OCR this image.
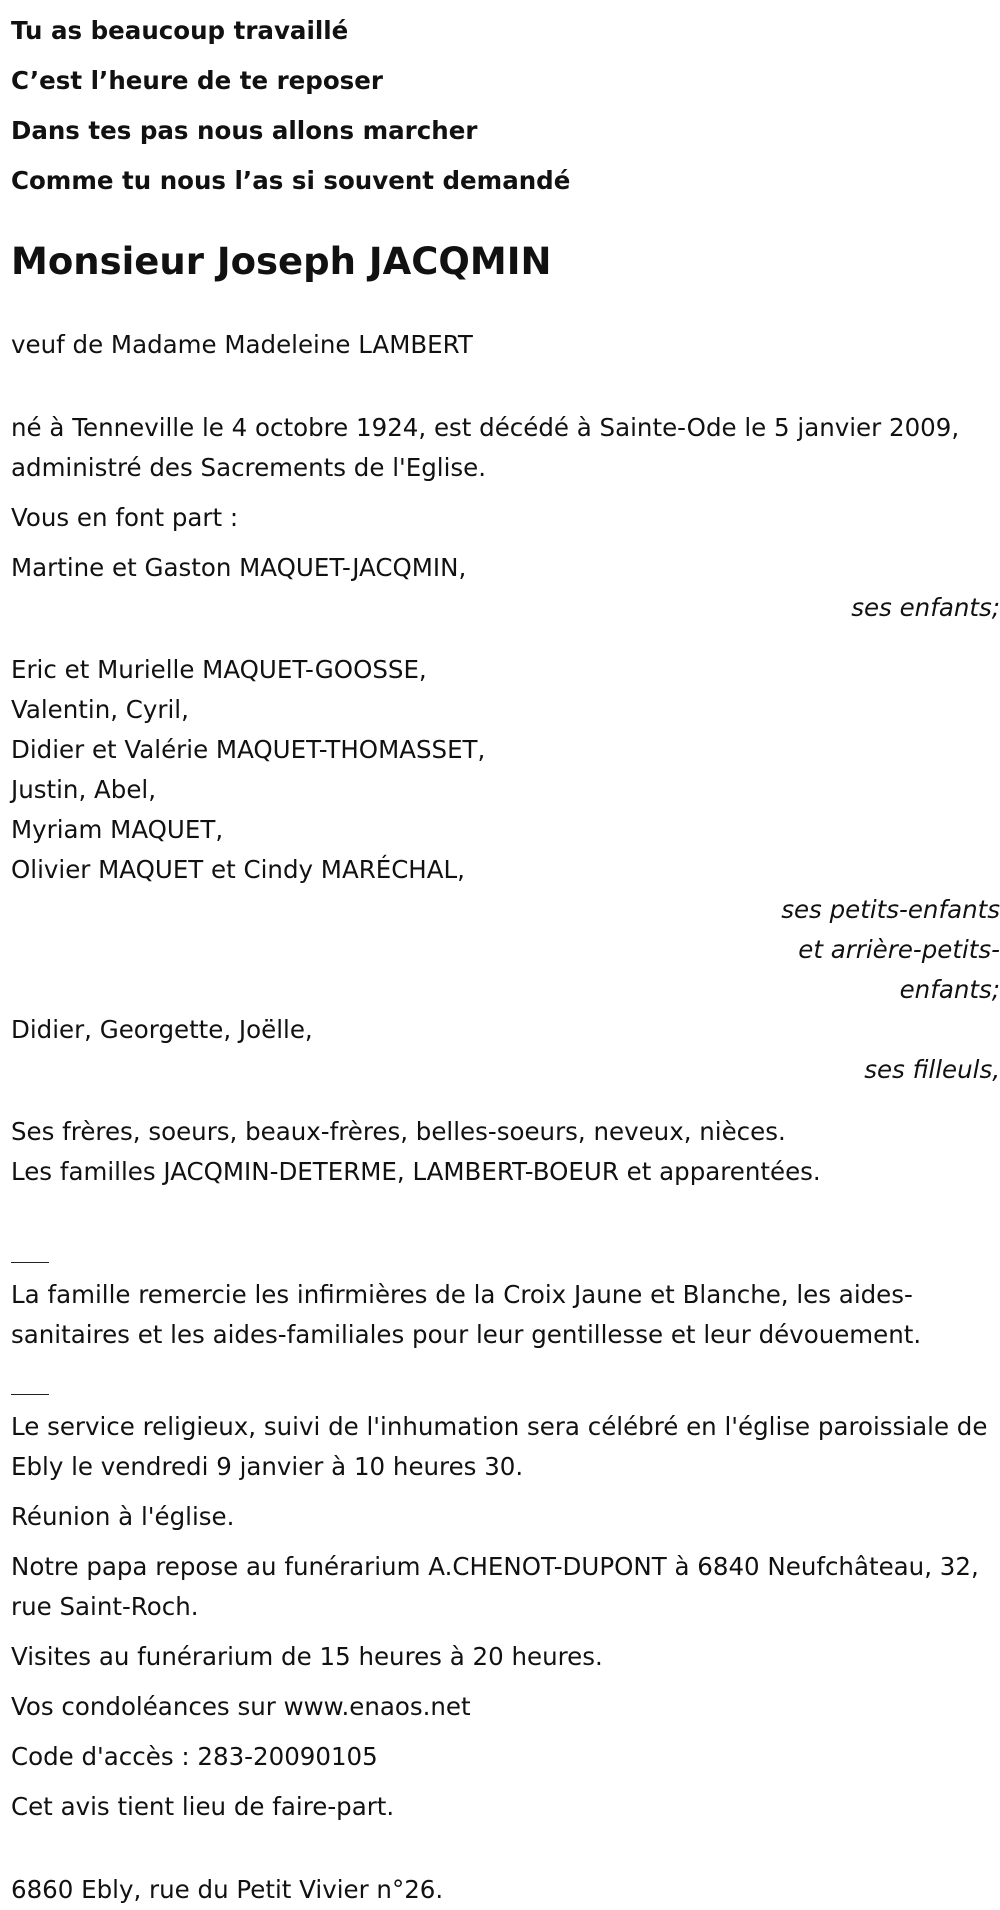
Tu as beaucoup travaillé
C’est l’heure de te reposer
Dans tes pas nous allons marcher
Comme tu nous l’as si souvent demandé
Monsieur Joseph JACQMIN
veuf de Madame Madeleine LAMBERT
né à Tenneville le 4 octobre 1924, est décédé à Sainte-Ode le 5 janvier 2009, administré des Sacrements de l'Eglise.
Vous en font part :
Martine et Gaston MAQUET-JACQMIN,
ses enfants;
Eric et Murielle MAQUET-GOOSSE,
Valentin, Cyril,
Didier et Valérie MAQUET-THOMASSET,
Justin, Abel,
Myriam MAQUET,
Olivier MAQUET et Cindy MARÉCHAL,
ses petits-enfants et arrière-petits-enfants;
Didier, Georgette, Joëlle,
ses filleuls,
Ses frères, soeurs, beaux-frères, belles-soeurs, neveux, nièces.
Les familles JACQMIN-DETERME, LAMBERT-BOEUR et apparentées.
La famille remercie les infirmières de la Croix Jaune et Blanche, les aides-sanitaires et les aides-familiales pour leur gentillesse et leur dévouement.
Le service religieux, suivi de l'inhumation sera célébré en l'église paroissiale de Ebly le vendredi 9 janvier à 10 heures 30.
Réunion à l'église.
Notre papa repose au funérarium A.CHENOT-DUPONT à 6840 Neufchâteau, 32, rue Saint-Roch.
Visites au funérarium de 15 heures à 20 heures.
Vos condoléances sur www.enaos.net
Code d'accès : 283-20090105
Cet avis tient lieu de faire-part.
6860 Ebly, rue du Petit Vivier n°26.
